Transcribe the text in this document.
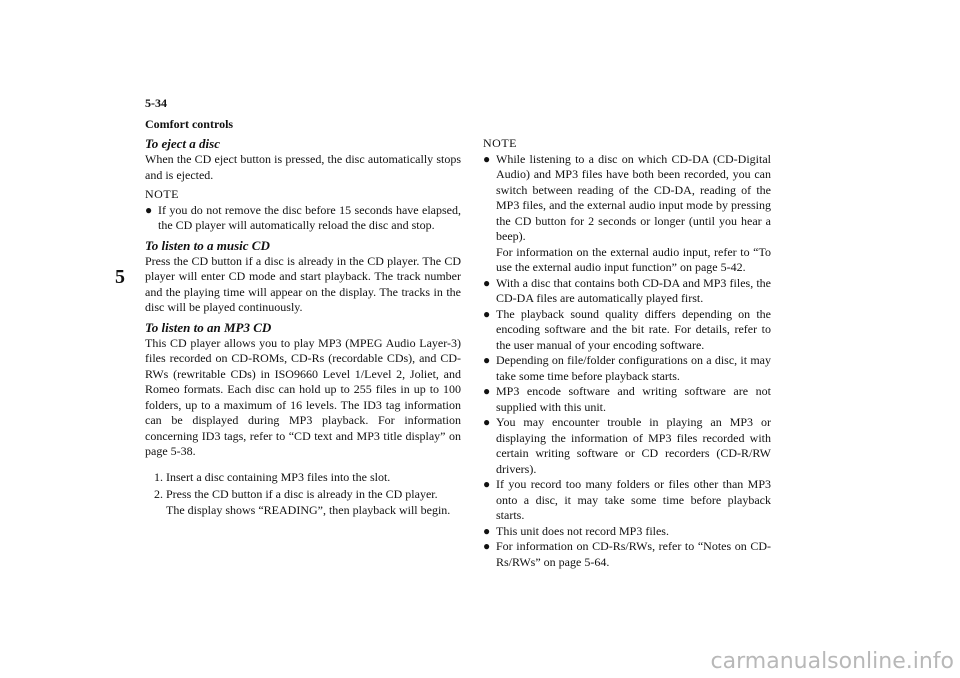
5-34
Comfort controls
5
To eject a disc

When the CD eject button is pressed, the disc automatically stops and is ejected.

NOTE
● If you do not remove the disc before 15 seconds have elapsed, the CD player will automatically reload the disc and stop.
To listen to a music CD

Press the CD button if a disc is already in the CD player. The CD player will enter CD mode and start playback. The track number and the playing time will appear on the display. The tracks in the disc will be played continuously.

To listen to an MP3 CD

This CD player allows you to play MP3 (MPEG Audio Layer-3) files recorded on CD-ROMs, CD-Rs (recordable CDs), and CD-RWs (rewritable CDs) in ISO9660 Level 1/Level 2, Joliet, and Romeo formats. Each disc can hold up to 255 files in up to 100 folders, up to a maximum of 16 levels. The ID3 tag information can be displayed during MP3 playback. For information concerning ID3 tags, refer to “CD text and MP3 title display” on page 5-38.

1. Insert a disc containing MP3 files into the slot.
2. Press the CD button if a disc is already in the CD player.
The display shows “READING”, then playback will begin.
NOTE
● While listening to a disc on which CD-DA (CD-Digital Audio) and MP3 files have both been recorded, you can switch between reading of the CD-DA, reading of the MP3 files, and the external audio input mode by pressing the CD button for 2 seconds or longer (until you hear a beep).
For information on the external audio input, refer to “To use the external audio input function” on page 5-42.
● With a disc that contains both CD-DA and MP3 files, the CD-DA files are automatically played first.
● The playback sound quality differs depending on the encoding software and the bit rate. For details, refer to the user manual of your encoding software.
● Depending on file/folder configurations on a disc, it may take some time before playback starts.
● MP3 encode software and writing software are not supplied with this unit.
● You may encounter trouble in playing an MP3 or displaying the information of MP3 files recorded with certain writing software or CD recorders (CD-R/RW drivers).
● If you record too many folders or files other than MP3 onto a disc, it may take some time before playback starts.
● This unit does not record MP3 files.
● For information on CD-Rs/RWs, refer to “Notes on CD-Rs/RWs” on page 5-64.
carmanualsonline.info
